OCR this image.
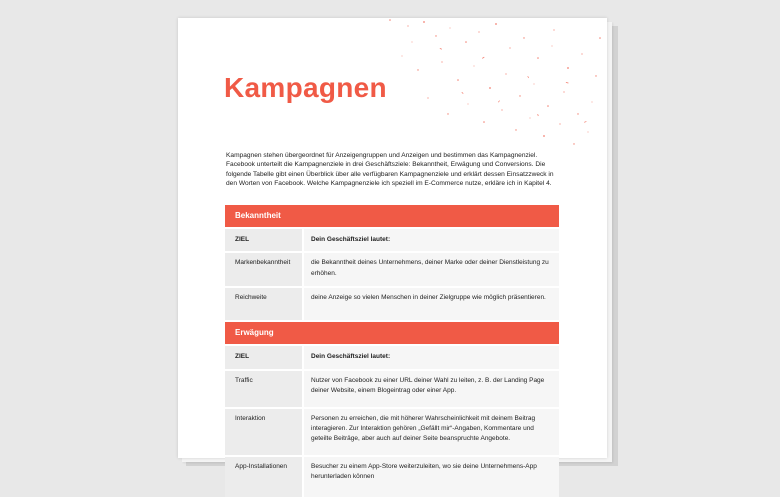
Kampagnen

Kampagnen stehen übergeordnet für Anzeigengruppen und Anzeigen und bestimmen das Kampagnenziel. Facebook unterteilt die Kampagnenziele in drei Geschäftsziele: Bekanntheit, Erwägung und Conversions. Die folgende Tabelle gibt einen Überblick über alle verfügbaren Kampagnenziele und erklärt dessen Einsatzzweck in den Worten von Facebook. Welche Kampagnenziele ich speziell im E-Commerce nutze, erkläre ich in Kapitel 4.

Bekanntheit
ZIEL	Dein Geschäftsziel lautet:
Markenbekanntheit	die Bekanntheit deines Unternehmens, deiner Marke oder deiner Dienstleistung zu erhöhen.
Reichweite	deine Anzeige so vielen Menschen in deiner Zielgruppe wie möglich präsentieren.
Erwägung
ZIEL	Dein Geschäftsziel lautet:
Traffic	Nutzer von Facebook zu einer URL deiner Wahl zu leiten, z. B. der Landing Page deiner Website, einem Blogeintrag oder einer App.
Interaktion	Personen zu erreichen, die mit höherer Wahrscheinlichkeit mit deinem Beitrag interagieren. Zur Interaktion gehören „Gefällt mir“-Angaben, Kommentare und geteilte Beiträge, aber auch auf deiner Seite beanspruchte Angebote.
App-Installationen	Besucher zu einem App-Store weiterzuleiten, wo sie deine Unternehmens-App herunterladen können
